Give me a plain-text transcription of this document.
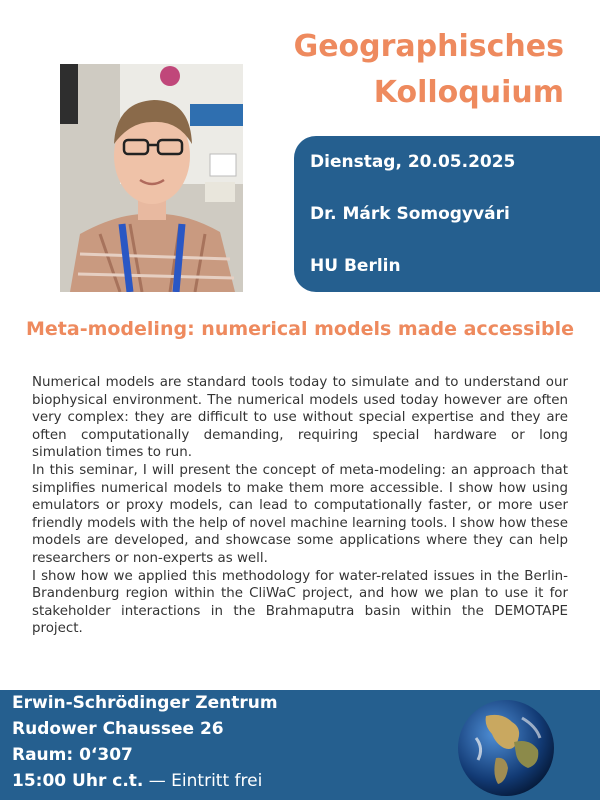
Geographisches
Kolloquium
Dienstag, 20.05.2025
Dr. Márk Somogyvári
HU Berlin
Meta-modeling: numerical models made accessible

Numerical models are standard tools today to simulate and to understand our biophysical environment. The numerical models used today however are often very complex: they are difficult to use without special expertise and they are often computationally demanding, requiring special hardware or long simulation times to run.

In this seminar, I will present the concept of meta-modeling: an approach that simplifies numerical models to make them more accessible. I show how using emulators or proxy models, can lead to computationally faster, or more user friendly models with the help of novel machine learning tools. I show how these models are developed, and showcase some applications where they can help researchers or non-experts as well.

I show how we applied this methodology for water-related issues in the Berlin-Brandenburg region within the CliWaC project, and how we plan to use it for stakeholder interactions in the Brahmaputra basin within the DEMOTAPE project.

Erwin-Schrödinger Zentrum
Rudower Chaussee 26
Raum: 0‘307
15:00 Uhr c.t. — Eintritt frei
